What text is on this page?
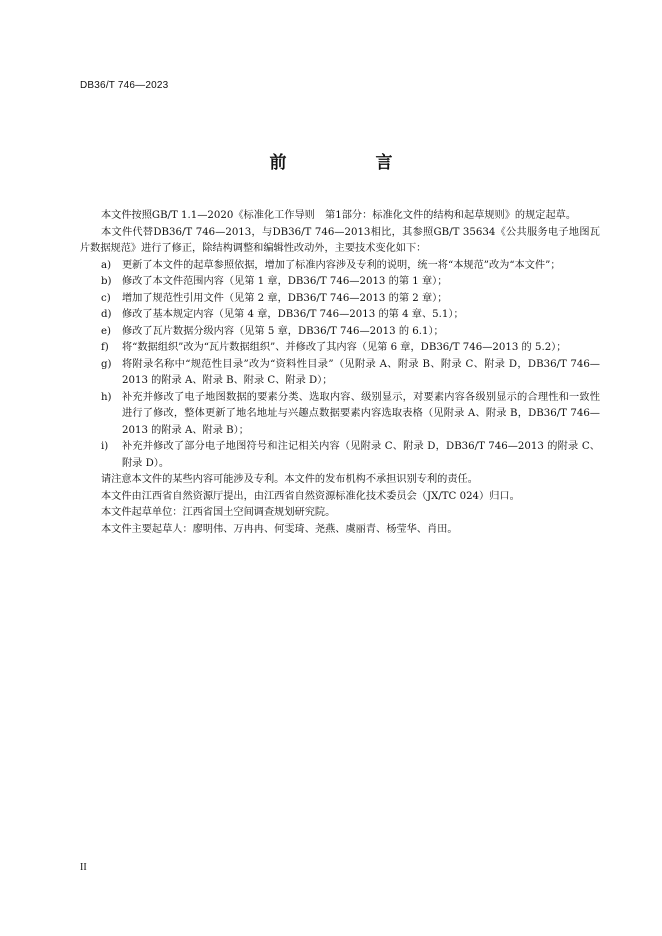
DB36/T 746—2023
前　言
本文件按照GB/T 1.1—2020《标准化工作导则　第1部分：标准化文件的结构和起草规则》的规定起草。
本文件代替DB36/T 746—2013，与DB36/T 746—2013相比，其参照GB/T 35634《公共服务电子地图瓦片数据规范》进行了修正，除结构调整和编辑性改动外，主要技术变化如下：
a)	更新了本文件的起草参照依据，增加了标准内容涉及专利的说明，统一将“本规范”改为“本文件”；
b)	修改了本文件范围内容（见第 1 章，DB36/T 746—2013 的第 1 章）；
c)	增加了规范性引用文件（见第 2 章，DB36/T 746—2013 的第 2 章）；
d)	修改了基本规定内容（见第 4 章，DB36/T 746—2013 的第 4 章、5.1）；
e)	修改了瓦片数据分级内容（见第 5 章，DB36/T 746—2013 的 6.1）；
f)	将“数据组织”改为“瓦片数据组织”、并修改了其内容（见第 6 章，DB36/T 746—2013 的 5.2）；
g)	将附录名称中“规范性目录”改为“资料性目录”（见附录 A、附录 B、附录 C、附录 D，DB36/T 746—2013 的附录 A、附录 B、附录 C、附录 D）；
h)	补充并修改了电子地图数据的要素分类、选取内容、级别显示，对要素内容各级别显示的合理性和一致性进行了修改，整体更新了地名地址与兴趣点数据要素内容选取表格（见附录 A、附录 B，DB36/T 746—2013 的附录 A、附录 B）；
i)	补充并修改了部分电子地图符号和注记相关内容（见附录 C、附录 D，DB36/T 746—2013 的附录 C、附录 D）。
请注意本文件的某些内容可能涉及专利。本文件的发布机构不承担识别专利的责任。
本文件由江西省自然资源厅提出，由江西省自然资源标准化技术委员会（JX/TC 024）归口。
本文件起草单位：江西省国土空间调查规划研究院。
本文件主要起草人：廖明伟、万冉冉、何雯琦、尧燕、虞丽青、杨莹华、肖田。
II
